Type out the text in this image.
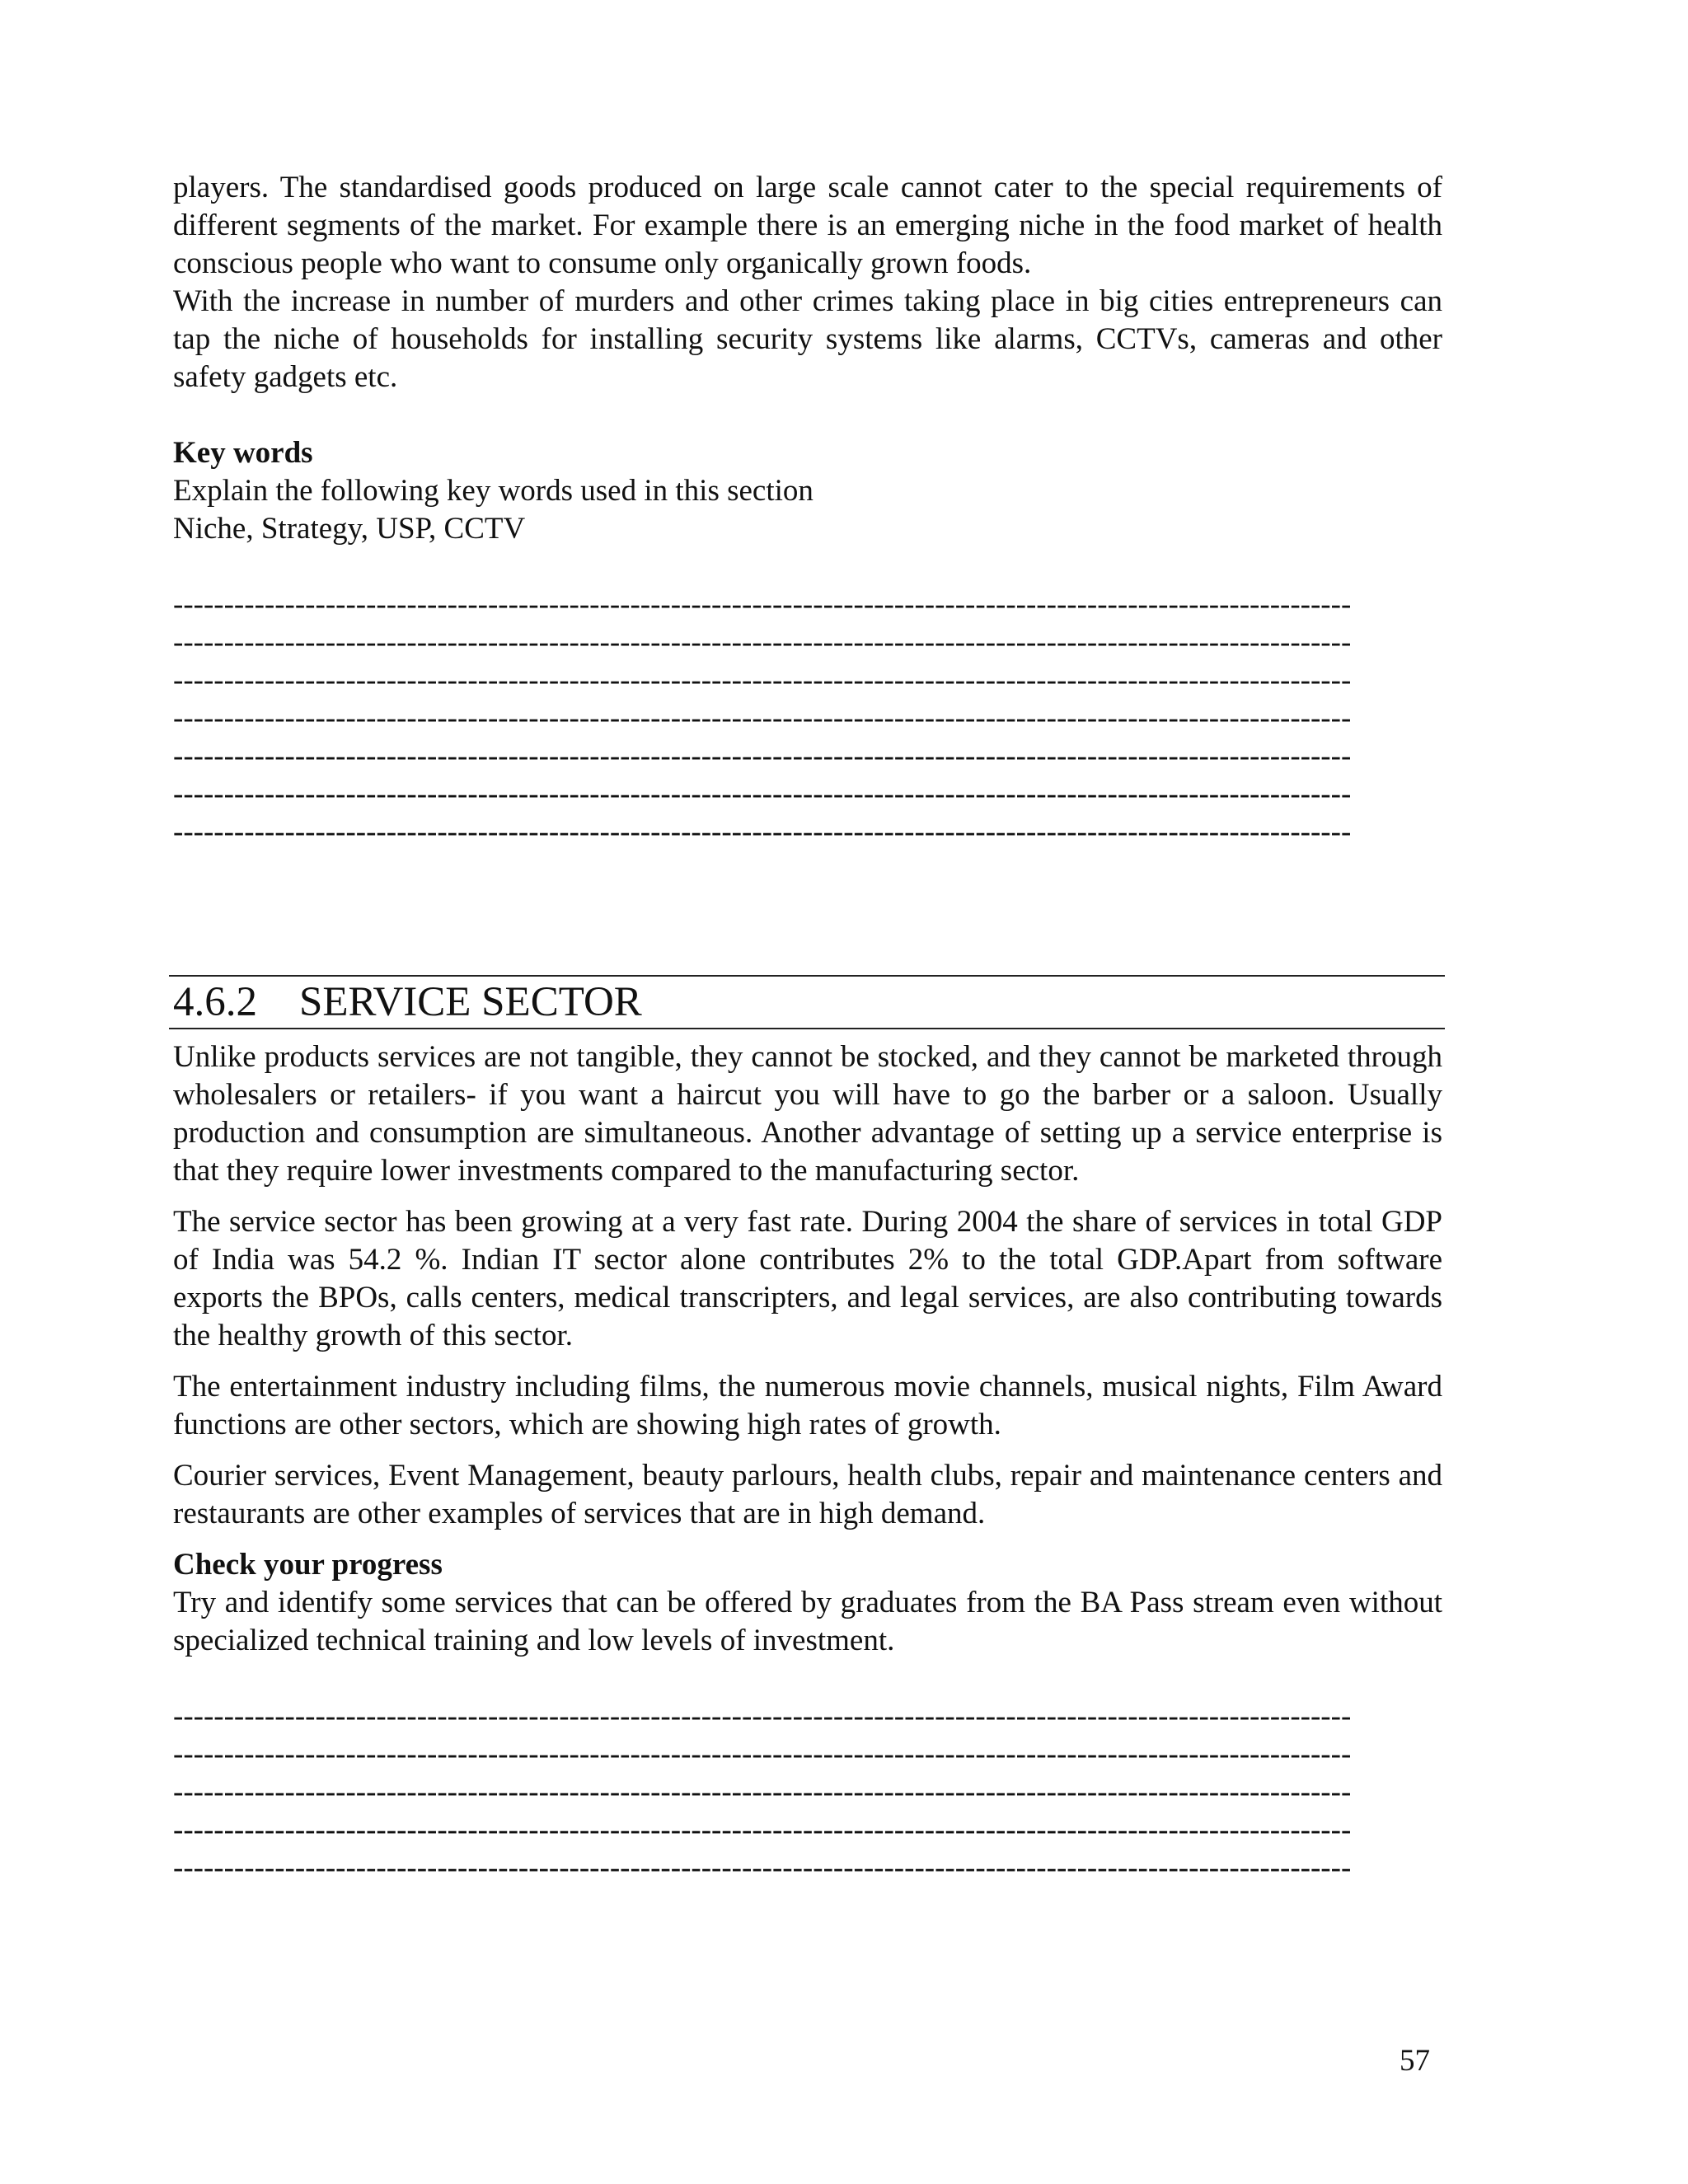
players. The standardised goods produced on large scale cannot cater to the special requirements of different segments of the market. For example there is an emerging niche in the food market of health conscious people who want to consume only organically grown foods.

With the increase in number of murders and other crimes taking place in big cities entrepreneurs can tap the niche of households for installing security systems like alarms, CCTVs, cameras and other safety gadgets etc.

Key words

Explain the following key words used in this section

Niche, Strategy, USP, CCTV

--------------------------------------------------------------------------------------------------------------------
--------------------------------------------------------------------------------------------------------------------
--------------------------------------------------------------------------------------------------------------------
--------------------------------------------------------------------------------------------------------------------
--------------------------------------------------------------------------------------------------------------------
--------------------------------------------------------------------------------------------------------------------
--------------------------------------------------------------------------------------------------------------------

Unlike products services are not tangible, they cannot be stocked, and they cannot be marketed through wholesalers or retailers- if you want a haircut you will have to go the barber or a saloon. Usually production and consumption are simultaneous. Another advantage of setting up a service enterprise is that they require lower investments compared to the manufacturing sector.

The service sector has been growing at a very fast rate. During 2004 the share of services in total GDP of India was 54.2 %. Indian IT sector alone contributes 2% to the total GDP.Apart from software exports the BPOs, calls centers, medical transcripters, and legal services, are also contributing towards the healthy growth of this sector.

The entertainment industry including films, the numerous movie channels, musical nights, Film Award functions are other sectors, which are showing high rates of growth.

Courier services, Event Management, beauty parlours, health clubs, repair and maintenance centers and restaurants are other examples of services that are in high demand.

Check your progress

Try and identify some services that can be offered by graduates from the BA Pass stream even without specialized technical training and low levels of investment.

--------------------------------------------------------------------------------------------------------------------
--------------------------------------------------------------------------------------------------------------------
--------------------------------------------------------------------------------------------------------------------
--------------------------------------------------------------------------------------------------------------------
--------------------------------------------------------------------------------------------------------------------
4.6.2    SERVICE SECTOR
57
